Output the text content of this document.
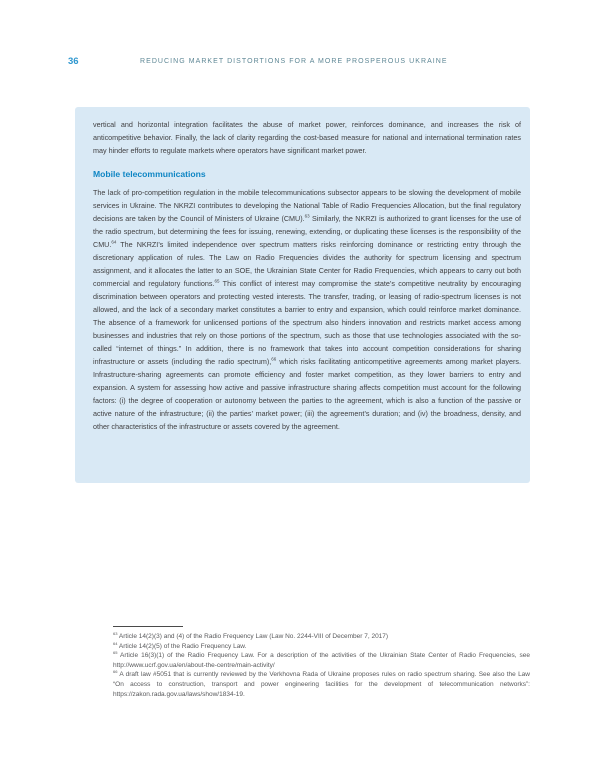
36	REDUCING MARKET DISTORTIONS FOR A MORE PROSPEROUS UKRAINE

vertical and horizontal integration facilitates the abuse of market power, reinforces dominance, and increases the risk of anticompetitive behavior. Finally, the lack of clarity regarding the cost-based measure for national and international termination rates may hinder efforts to regulate markets where operators have significant market power.

Mobile telecommunications

The lack of pro-competition regulation in the mobile telecommunications subsector appears to be slowing the development of mobile services in Ukraine. The NKRZI contributes to developing the National Table of Radio Frequencies Allocation, but the final regulatory decisions are taken by the Council of Ministers of Ukraine (CMU).$^{63}$ Similarly, the NKRZI is authorized to grant licenses for the use of the radio spectrum, but determining the fees for issuing, renewing, extending, or duplicating these licenses is the responsibility of the CMU.$^{64}$ The NKRZI’s limited independence over spectrum matters risks reinforcing dominance or restricting entry through the discretionary application of rules. The Law on Radio Frequencies divides the authority for spectrum licensing and spectrum assignment, and it allocates the latter to an SOE, the Ukrainian State Center for Radio Frequencies, which appears to carry out both commercial and regulatory functions.$^{65}$ This conflict of interest may compromise the state’s competitive neutrality by encouraging discrimination between operators and protecting vested interests. The transfer, trading, or leasing of radio-spectrum licenses is not allowed, and the lack of a secondary market constitutes a barrier to entry and expansion, which could reinforce market dominance. The absence of a framework for unlicensed portions of the spectrum also hinders innovation and restricts market access among businesses and industries that rely on those portions of the spectrum, such as those that use technologies associated with the so-called “internet of things.” In addition, there is no framework that takes into account competition considerations for sharing infrastructure or assets (including the radio spectrum),$^{66}$ which risks facilitating anticompetitive agreements among market players. Infrastructure-sharing agreements can promote efficiency and foster market competition, as they lower barriers to entry and expansion. A system for assessing how active and passive infrastructure sharing affects competition must account for the following factors: (i) the degree of cooperation or autonomy between the parties to the agreement, which is also a function of the passive or active nature of the infrastructure; (ii) the parties’ market power; (iii) the agreement’s duration; and (iv) the broadness, density, and other characteristics of the infrastructure or assets covered by the agreement.

$^{63}$ Article 14(2)(3) and (4) of the Radio Frequency Law (Law No. 2244-VIII of December 7, 2017)

$^{64}$ Article 14(2)(5) of the Radio Frequency Law.

$^{65}$ Article 16(3)(1) of the Radio Frequency Law. For a description of the activities of the Ukrainian State Center of Radio Frequencies, see http://www.ucrf.gov.ua/en/about-the-centre/main-activity/

$^{66}$ A draft law #5051 that is currently reviewed by the Verkhovna Rada of Ukraine proposes rules on radio spectrum sharing. See also the Law “On access to construction, transport and power engineering facilities for the development of telecommunication networks”: https://zakon.rada.gov.ua/laws/show/1834-19.
